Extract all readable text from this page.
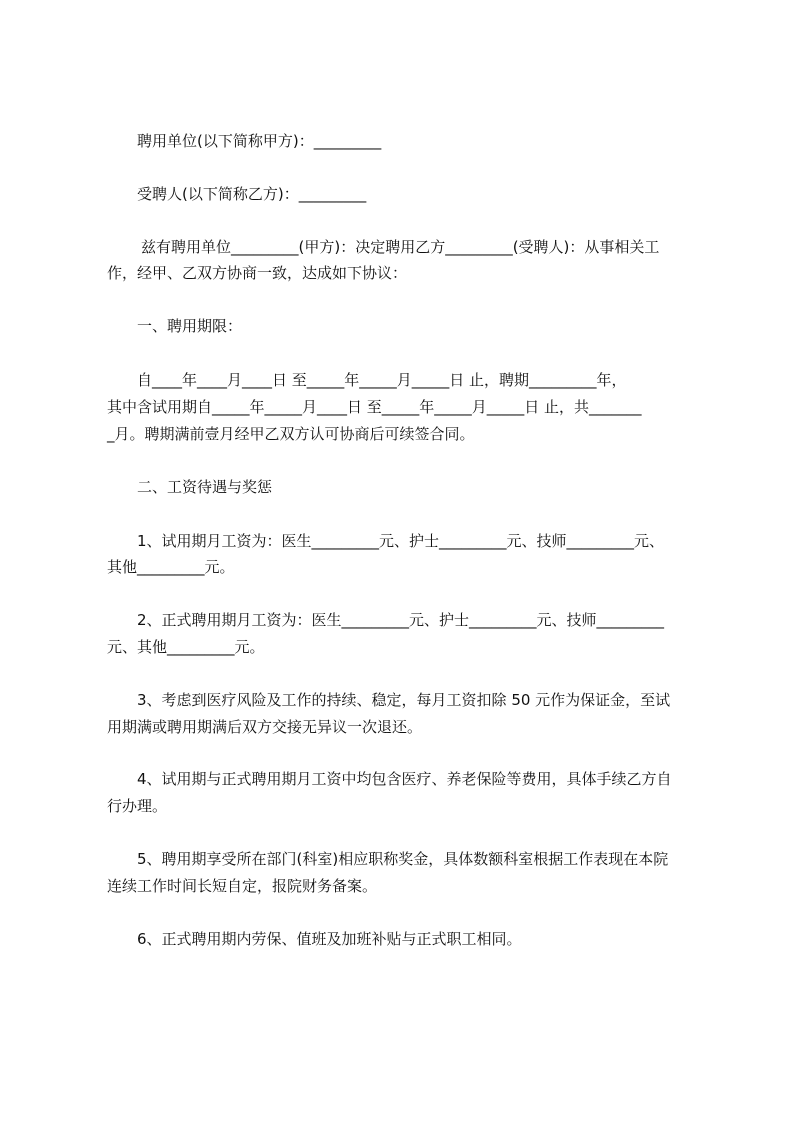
聘用单位(以下简称甲方)：_________

受聘人(以下简称乙方)：_________

兹有聘用单位_________(甲方)：决定聘用乙方_________(受聘人)：从事相关工

作，经甲、乙双方协商一致，达成如下协议：

一、聘用期限：

自____年____月____日 至_____年_____月_____日 止，聘期_________年，

其中含试用期自_____年_____月____日 至_____年_____月_____日 止，共_______

_月。聘期满前壹月经甲乙双方认可协商后可续签合同。

二、工资待遇与奖惩

1、试用期月工资为：医生_________元、护士_________元、技师_________元、

其他_________元。

2、正式聘用期月工资为：医生_________元、护士_________元、技师_________

元、其他_________元。

3、考虑到医疗风险及工作的持续、稳定，每月工资扣除 50 元作为保证金，至试

用期满或聘用期满后双方交接无异议一次退还。

4、试用期与正式聘用期月工资中均包含医疗、养老保险等费用，具体手续乙方自

行办理。

5、聘用期享受所在部门(科室)相应职称奖金，具体数额科室根据工作表现在本院

连续工作时间长短自定，报院财务备案。

6、正式聘用期内劳保、值班及加班补贴与正式职工相同。
